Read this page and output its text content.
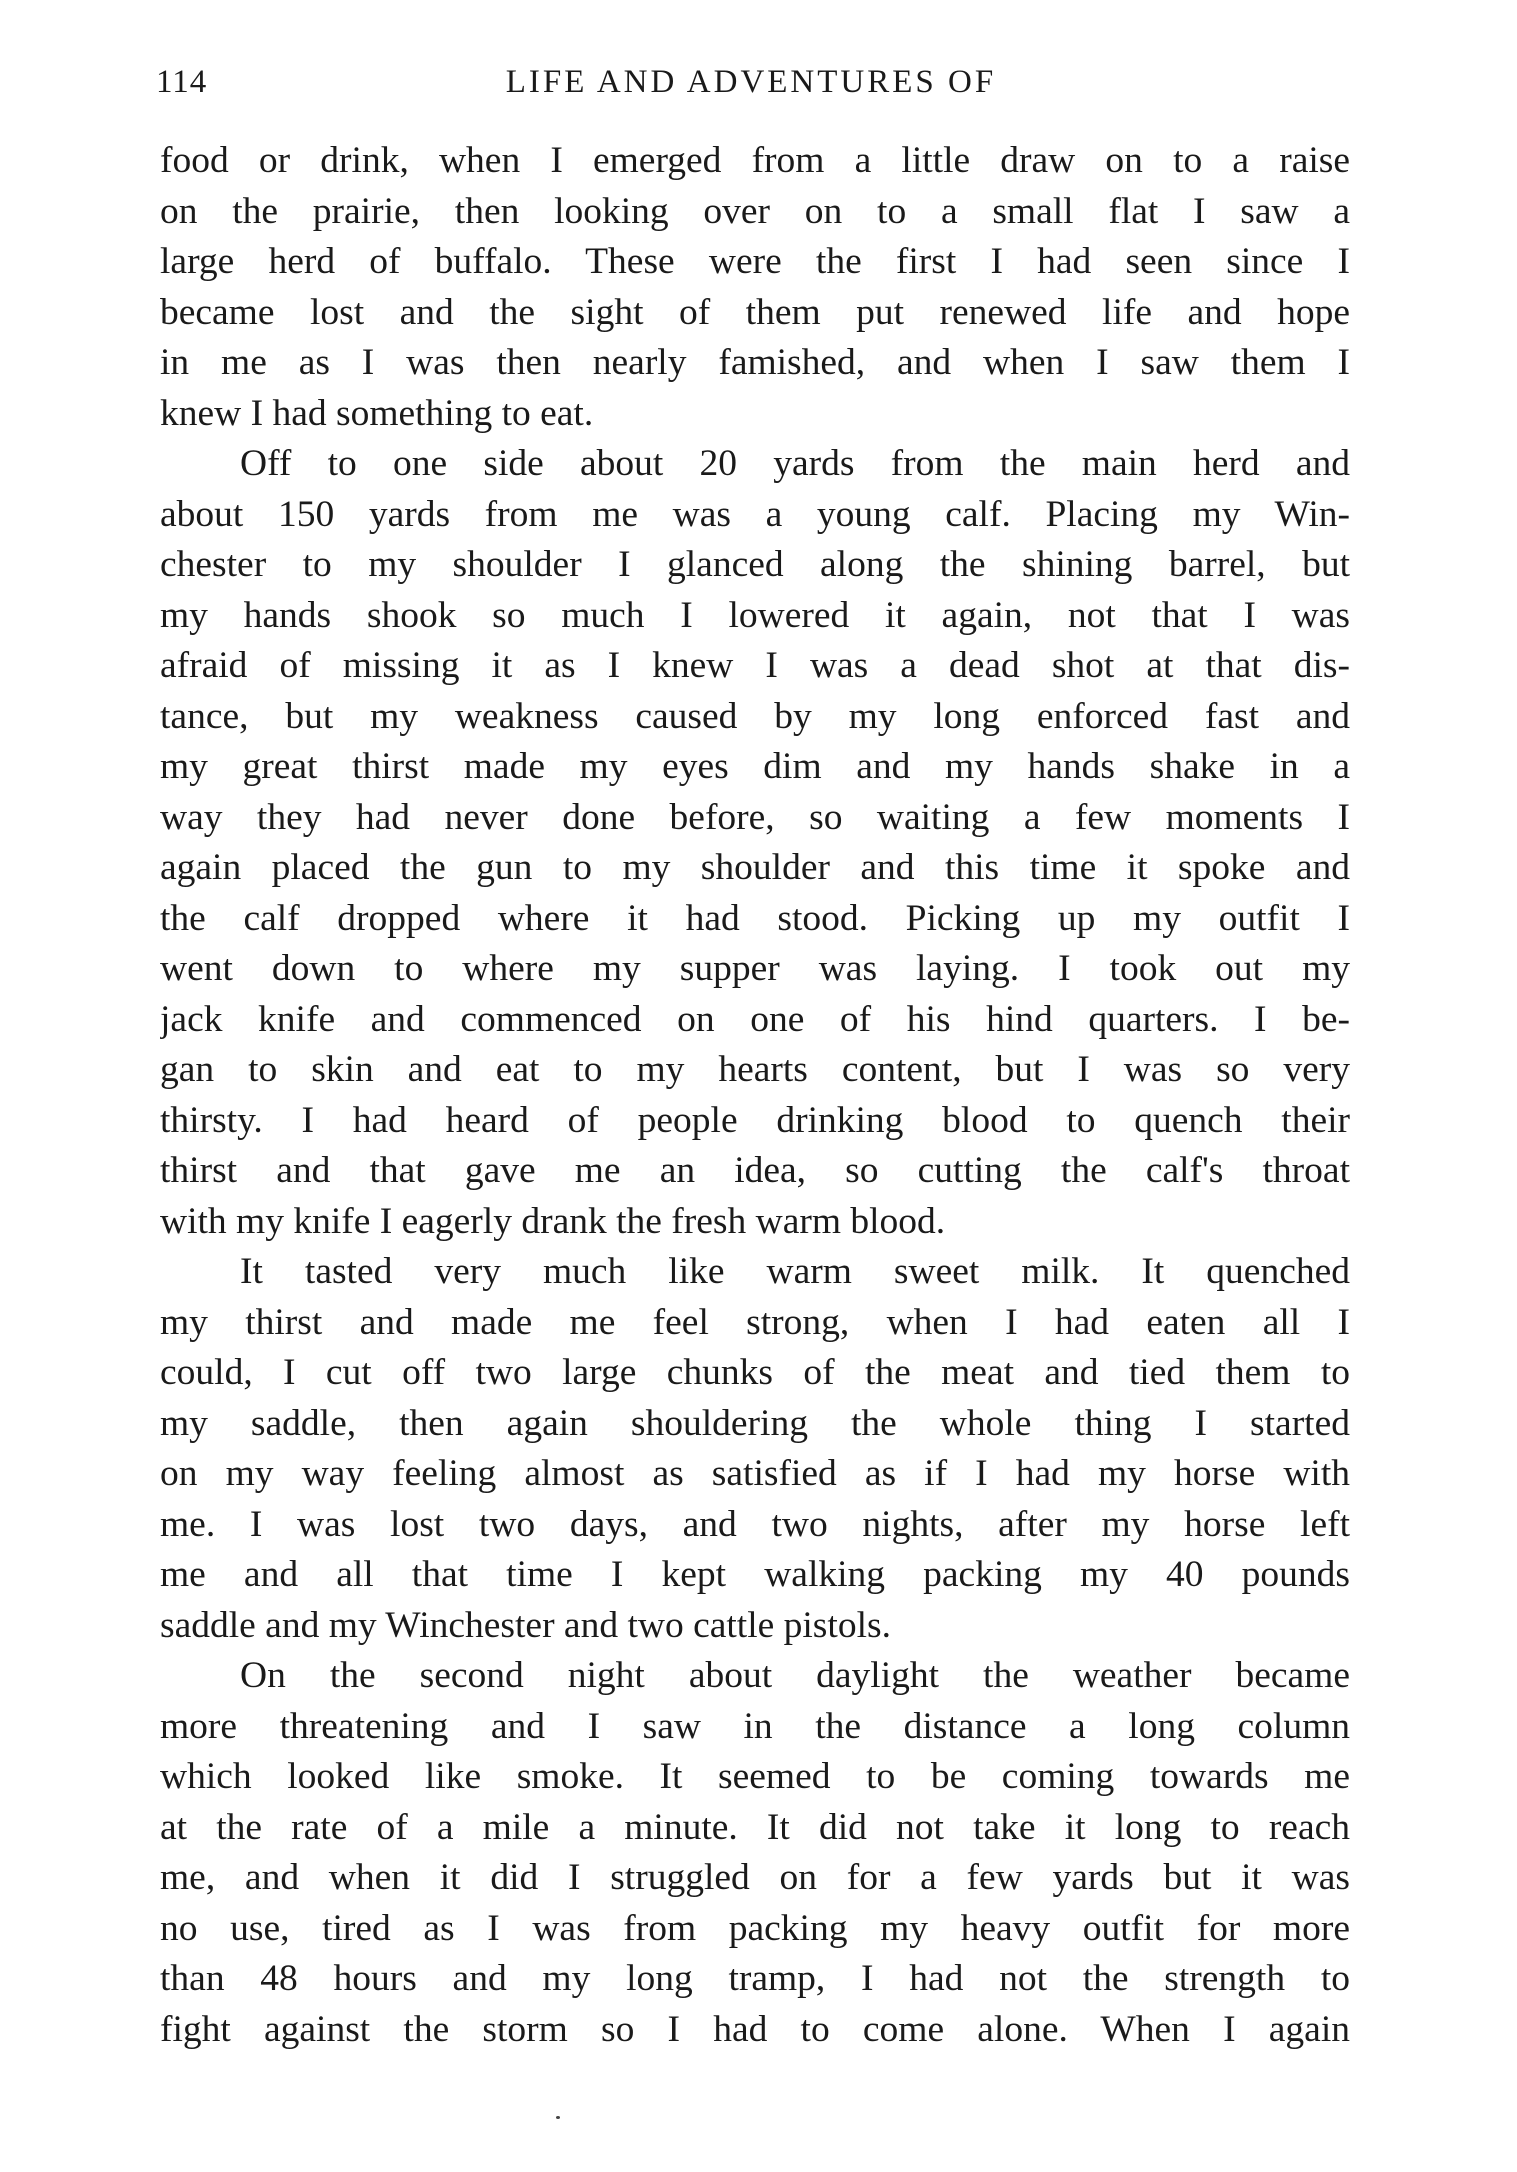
114	LIFE AND ADVENTURES OF
food or drink, when I emerged from a little draw on to a raise
on the prairie, then looking over on to a small flat I saw a
large herd of buffalo. These were the first I had seen since I
became lost and the sight of them put renewed life and hope
in me as I was then nearly famished, and when I saw them I
knew I had something to eat.
Off to one side about 20 yards from the main herd and
about 150 yards from me was a young calf. Placing my Win-
chester to my shoulder I glanced along the shining barrel, but
my hands shook so much I lowered it again, not that I was
afraid of missing it as I knew I was a dead shot at that dis-
tance, but my weakness caused by my long enforced fast and
my great thirst made my eyes dim and my hands shake in a
way they had never done before, so waiting a few moments I
again placed the gun to my shoulder and this time it spoke and
the calf dropped where it had stood. Picking up my outfit I
went down to where my supper was laying. I took out my
jack knife and commenced on one of his hind quarters. I be-
gan to skin and eat to my hearts content, but I was so very
thirsty. I had heard of people drinking blood to quench their
thirst and that gave me an idea, so cutting the calf's throat
with my knife I eagerly drank the fresh warm blood.
It tasted very much like warm sweet milk. It quenched
my thirst and made me feel strong, when I had eaten all I
could, I cut off two large chunks of the meat and tied them to
my saddle, then again shouldering the whole thing I started
on my way feeling almost as satisfied as if I had my horse with
me. I was lost two days, and two nights, after my horse left
me and all that time I kept walking packing my 40 pounds
saddle and my Winchester and two cattle pistols.
On the second night about daylight the weather became
more threatening and I saw in the distance a long column
which looked like smoke. It seemed to be coming towards me
at the rate of a mile a minute. It did not take it long to reach
me, and when it did I struggled on for a few yards but it was
no use, tired as I was from packing my heavy outfit for more
than 48 hours and my long tramp, I had not the strength to
fight against the storm so I had to come alone. When I again
